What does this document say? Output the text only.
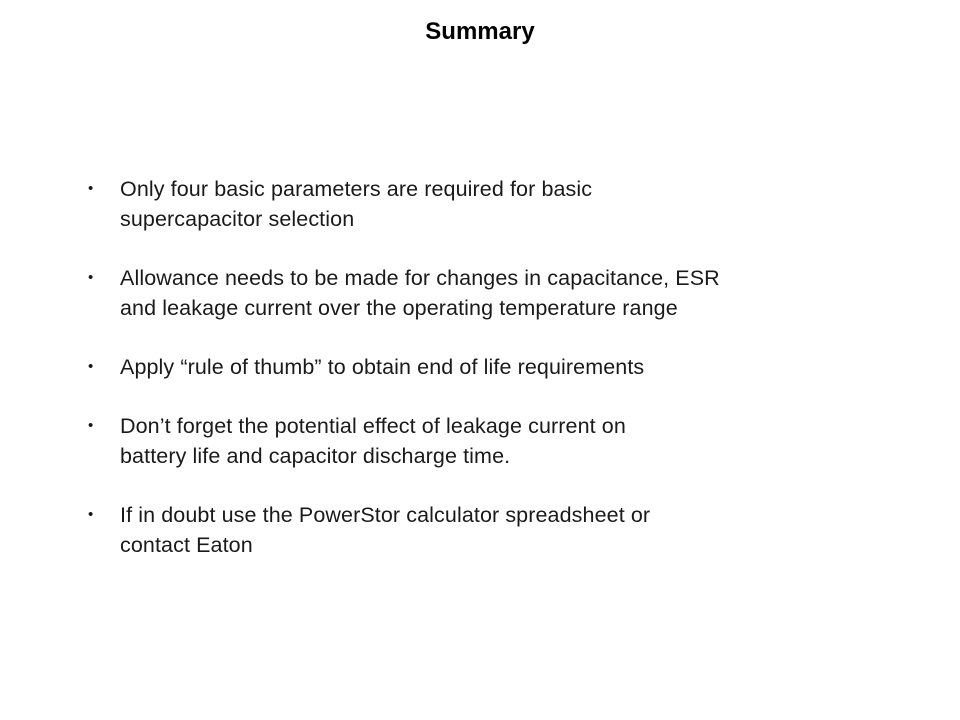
Summary
• Only four basic parameters are required for basic
supercapacitor selection
• Allowance needs to be made for changes in capacitance, ESR
and leakage current over the operating temperature range
• Apply “rule of thumb” to obtain end of life requirements
• Don’t forget the potential effect of leakage current on
battery life and capacitor discharge time.
• If in doubt use the PowerStor calculator spreadsheet or
contact Eaton
